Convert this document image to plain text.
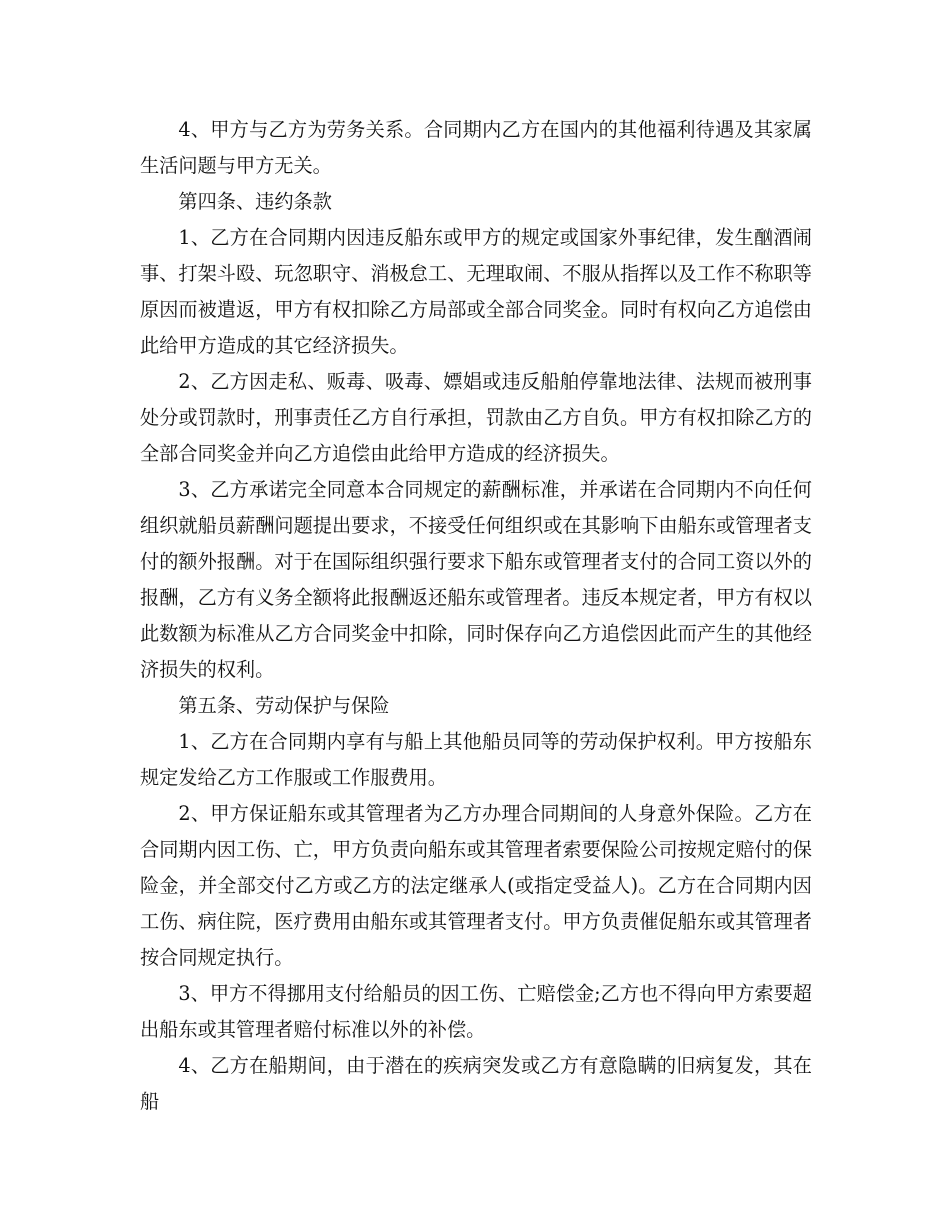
4、甲方与乙方为劳务关系。合同期内乙方在国内的其他福利待遇及其家属生活问题与甲方无关。

第四条、违约条款

1、乙方在合同期内因违反船东或甲方的规定或国家外事纪律，发生酗酒闹事、打架斗殴、玩忽职守、消极怠工、无理取闹、不服从指挥以及工作不称职等原因而被遣返，甲方有权扣除乙方局部或全部合同奖金。同时有权向乙方追偿由此给甲方造成的其它经济损失。

2、乙方因走私、贩毒、吸毒、嫖娼或违反船舶停靠地法律、法规而被刑事处分或罚款时，刑事责任乙方自行承担，罚款由乙方自负。甲方有权扣除乙方的全部合同奖金并向乙方追偿由此给甲方造成的经济损失。

3、乙方承诺完全同意本合同规定的薪酬标准，并承诺在合同期内不向任何组织就船员薪酬问题提出要求，不接受任何组织或在其影响下由船东或管理者支付的额外报酬。对于在国际组织强行要求下船东或管理者支付的合同工资以外的报酬，乙方有义务全额将此报酬返还船东或管理者。违反本规定者，甲方有权以此数额为标准从乙方合同奖金中扣除，同时保存向乙方追偿因此而产生的其他经济损失的权利。

第五条、劳动保护与保险

1、乙方在合同期内享有与船上其他船员同等的劳动保护权利。甲方按船东规定发给乙方工作服或工作服费用。

2、甲方保证船东或其管理者为乙方办理合同期间的人身意外保险。乙方在合同期内因工伤、亡，甲方负责向船东或其管理者索要保险公司按规定赔付的保险金，并全部交付乙方或乙方的法定继承人(或指定受益人)。乙方在合同期内因工伤、病住院，医疗费用由船东或其管理者支付。甲方负责催促船东或其管理者按合同规定执行。

3、甲方不得挪用支付给船员的因工伤、亡赔偿金;乙方也不得向甲方索要超出船东或其管理者赔付标准以外的补偿。

4、乙方在船期间，由于潜在的疾病突发或乙方有意隐瞒的旧病复发，其在船
